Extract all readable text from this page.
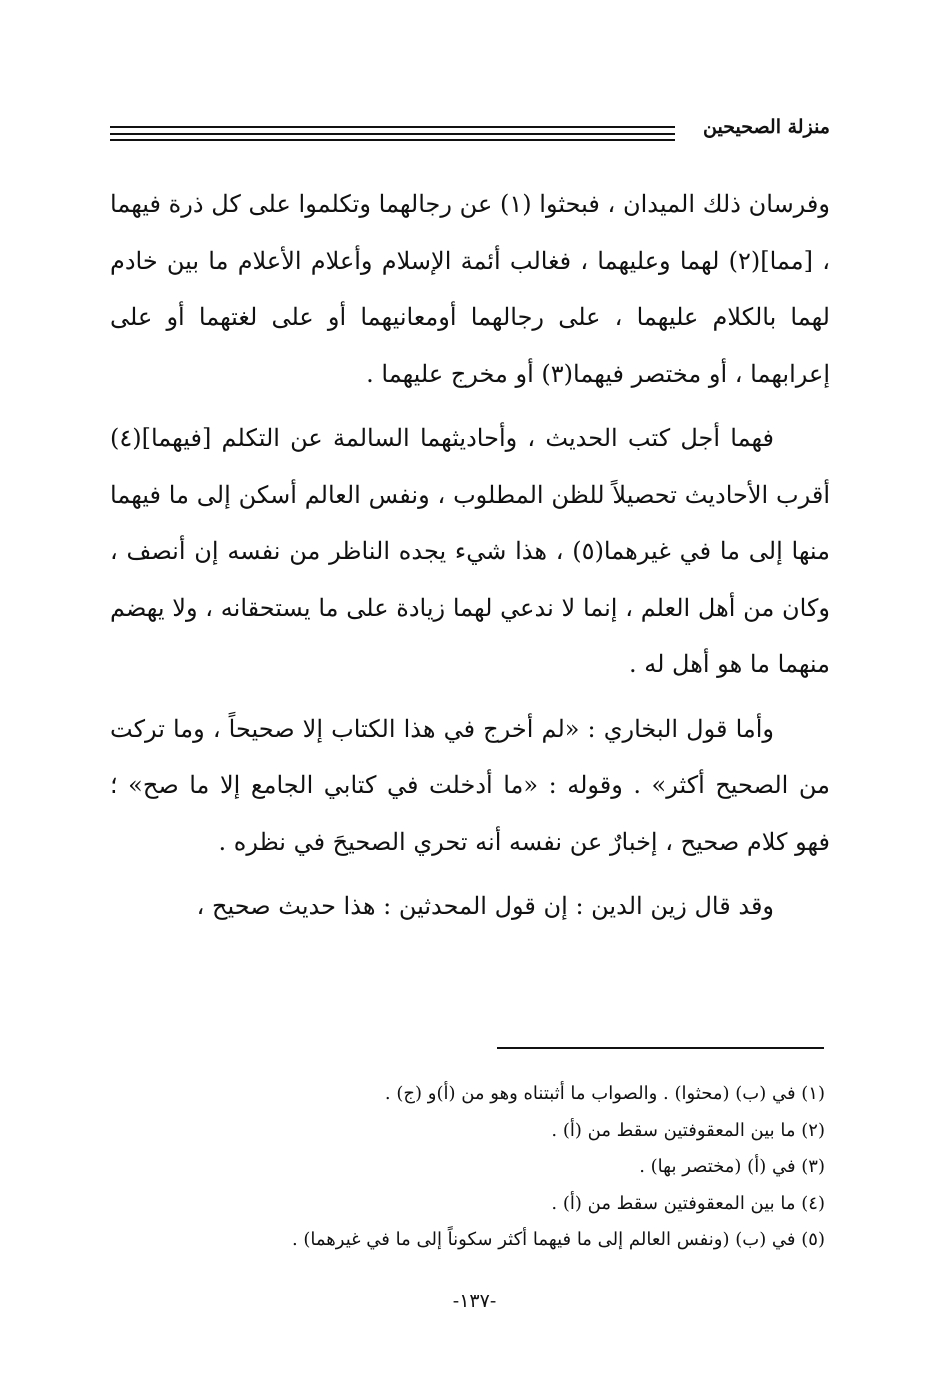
منزلة الصحيحين

وفرسان ذلك الميدان ، فبحثوا (١) عن رجالهما وتكلموا على كل ذرة فيهما ، [مما](٢) لهما وعليهما ، فغالب أئمة الإسلام وأعلام الأعلام ما بين خادم لهما بالكلام عليهما ، على رجالهما أومعانيهما أو على لغتهما أو على إعرابهما ، أو مختصر فيهما(٣) أو مخرج عليهما .

فهما أجل كتب الحديث ، وأحاديثهما السالمة عن التكلم [فيهما](٤) أقرب الأحاديث تحصيلاً للظن المطلوب ، ونفس العالم أسكن إلى ما فيهما منها إلى ما في غيرهما(٥) ، هذا شيء يجده الناظر من نفسه إن أنصف ، وكان من أهل العلم ، إنما لا ندعي لهما زيادة على ما يستحقانه ، ولا يهضم منهما ما هو أهل له .

وأما قول البخاري : «لم أخرج في هذا الكتاب إلا صحيحاً ، وما تركت من الصحيح أكثر» . وقوله : «ما أدخلت في كتابي الجامع إلا ما صح» ؛ فهو كلام صحيح ، إخبارٌ عن نفسه أنه تحري الصحيحَ في نظره .

وقد قال زين الدين : إن قول المحدثين : هذا حديث صحيح ،

(١) في (ب) (محثوا) . والصواب ما أثبتناه وهو من (أ)و (ج) .

(٢) ما بين المعقوفتين سقط من (أ) .

(٣) في (أ) (مختصر بها) .

(٤) ما بين المعقوفتين سقط من (أ) .

(٥) في (ب) (ونفس العالم إلى ما فيهما أكثر سكوناً إلى ما في غيرهما) .

-١٣٧-
